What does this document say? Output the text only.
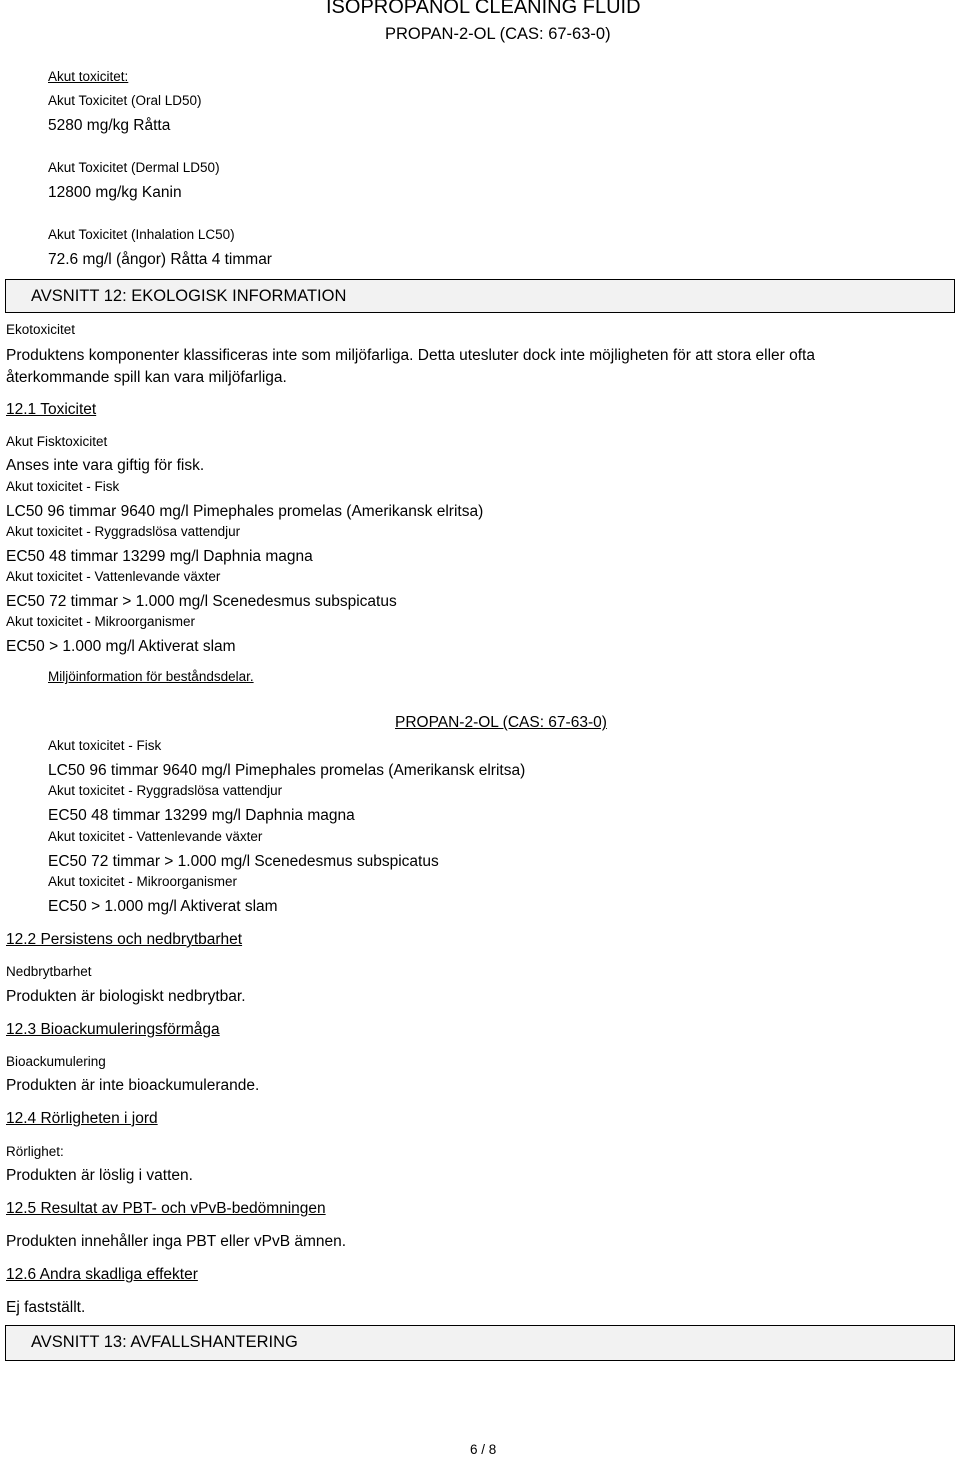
ISOPROPANOL CLEANING FLUID
PROPAN-2-OL (CAS: 67-63-0)
Akut toxicitet:
Akut Toxicitet (Oral LD50)
5280 mg/kg Råtta
Akut Toxicitet (Dermal LD50)
12800 mg/kg Kanin
Akut Toxicitet (Inhalation LC50)
72.6 mg/l (ångor) Råtta 4 timmar
AVSNITT 12: EKOLOGISK INFORMATION
Ekotoxicitet
Produktens komponenter klassificeras inte som miljöfarliga. Detta utesluter dock inte möjligheten för att stora eller ofta
återkommande spill kan vara miljöfarliga.
12.1 Toxicitet
Akut Fisktoxicitet
Anses inte vara giftig för fisk.
Akut toxicitet - Fisk
LC50 96 timmar 9640 mg/l Pimephales promelas (Amerikansk elritsa)
Akut toxicitet - Ryggradslösa vattendjur
EC50 48 timmar 13299 mg/l Daphnia magna
Akut toxicitet - Vattenlevande växter
EC50 72 timmar > 1.000 mg/l Scenedesmus subspicatus
Akut toxicitet - Mikroorganismer
EC50 > 1.000 mg/l Aktiverat slam
Miljöinformation för beståndsdelar.
PROPAN-2-OL (CAS: 67-63-0)
Akut toxicitet - Fisk
LC50 96 timmar 9640 mg/l Pimephales promelas (Amerikansk elritsa)
Akut toxicitet - Ryggradslösa vattendjur
EC50 48 timmar 13299 mg/l Daphnia magna
Akut toxicitet - Vattenlevande växter
EC50 72 timmar > 1.000 mg/l Scenedesmus subspicatus
Akut toxicitet - Mikroorganismer
EC50 > 1.000 mg/l Aktiverat slam
12.2 Persistens och nedbrytbarhet
Nedbrytbarhet
Produkten är biologiskt nedbrytbar.
12.3 Bioackumuleringsförmåga
Bioackumulering
Produkten är inte bioackumulerande.
12.4 Rörligheten i jord
Rörlighet:
Produkten är löslig i vatten.
12.5 Resultat av PBT- och vPvB-bedömningen
Produkten innehåller inga PBT eller vPvB ämnen.
12.6 Andra skadliga effekter
Ej fastställt.
AVSNITT 13: AVFALLSHANTERING
6 / 8
